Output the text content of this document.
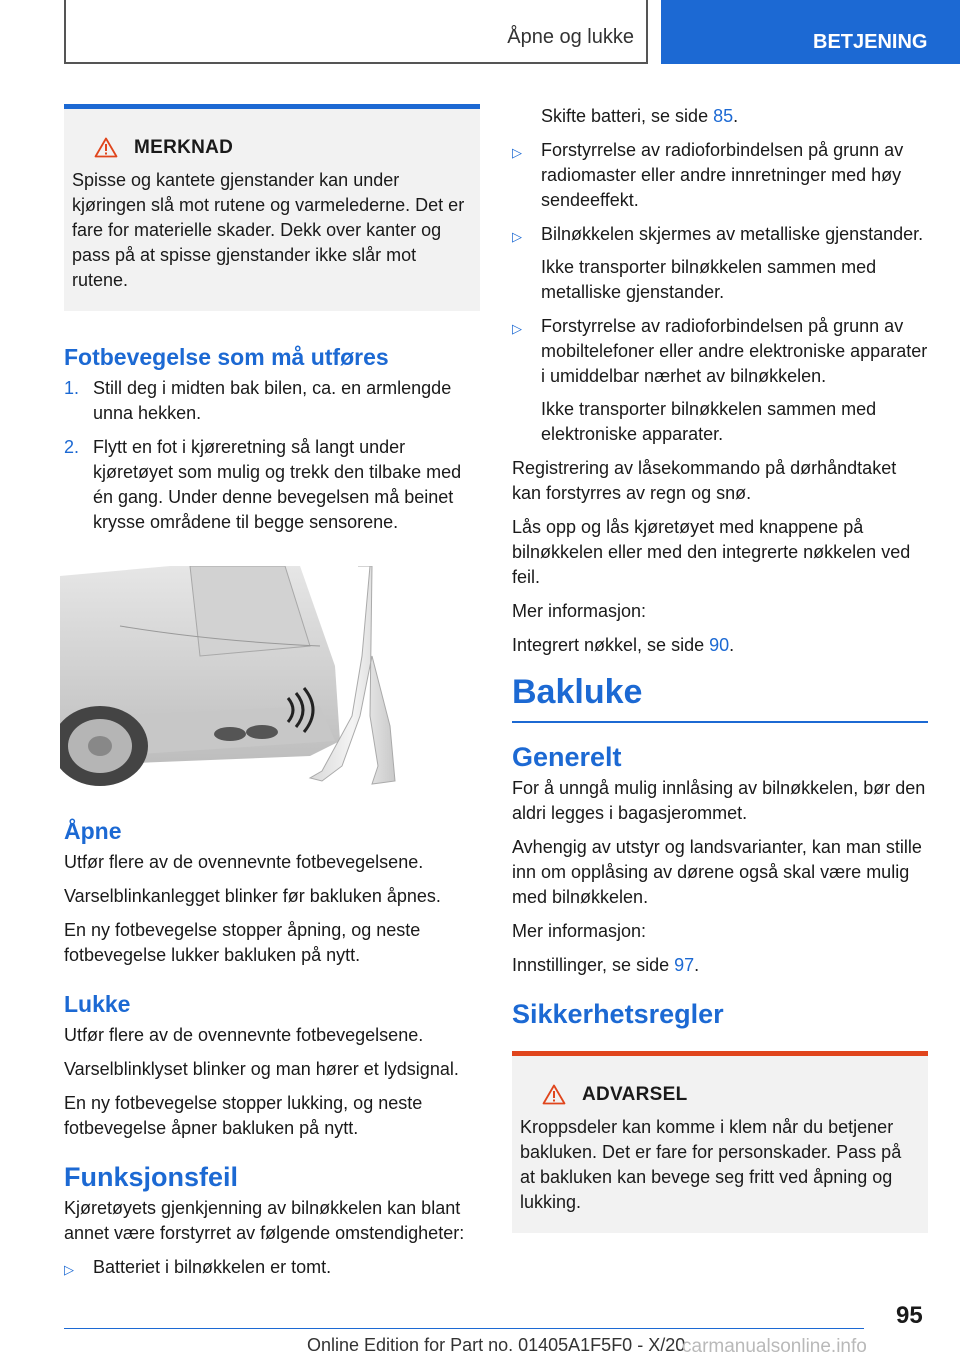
Åpne og lukke	BETJENING
MERKNAD

Spisse og kantete gjenstander kan under kjøringen slå mot rutene og varmelederne. Det er fare for materielle skader. Dekk over kanter og pass på at spisse gjenstander ikke slår mot rutene.

Fotbevegelse som må utføres
1. Still deg i midten bak bilen, ca. en armlengde unna hekken.
2. Flytt en fot i kjøreretning så langt under kjøretøyet som mulig og trekk den tilbake med én gang. Under denne bevegelsen må beinet krysse områdene til begge sensorene.
Åpne

Utfør flere av de ovennevnte fotbevegelsene.

Varselblinkanlegget blinker før bakluken åpnes.

En ny fotbevegelse stopper åpning, og neste fotbevegelse lukker bakluken på nytt.

Lukke

Utfør flere av de ovennevnte fotbevegelsene.

Varselblinklyset blinker og man hører et lydsignal.

En ny fotbevegelse stopper lukking, og neste fotbevegelse åpner bakluken på nytt.

Funksjonsfeil

Kjøretøyets gjenkjenning av bilnøkkelen kan blant annet være forstyrret av følgende omstendigheter:

▷	Batteriet i bilnøkkelen er tomt.

Skifte batteri, se side 85.

▷	Forstyrrelse av radioforbindelsen på grunn av radiomaster eller andre innretninger med høy sendeeffekt.

▷	Bilnøkkelen skjermes av metalliske gjenstander.

Ikke transporter bilnøkkelen sammen med metalliske gjenstander.

▷	Forstyrrelse av radioforbindelsen på grunn av mobiltelefoner eller andre elektroniske apparater i umiddelbar nærhet av bilnøkkelen.

Ikke transporter bilnøkkelen sammen med elektroniske apparater.

Registrering av låsekommando på dørhåndtaket kan forstyrres av regn og snø.

Lås opp og lås kjøretøyet med knappene på bilnøkkelen eller med den integrerte nøkkelen ved feil.

Mer informasjon:

Integrert nøkkel, se side 90.

Bakluke
Generelt

For å unngå mulig innlåsing av bilnøkkelen, bør den aldri legges i bagasjerommet.

Avhengig av utstyr og landsvarianter, kan man stille inn om opplåsing av dørene også skal være mulig med bilnøkkelen.

Mer informasjon:

Innstillinger, se side 97.

Sikkerhetsregler
ADVARSEL

Kroppsdeler kan komme i klem når du betjener bakluken. Det er fare for personskader. Pass på at bakluken kan bevege seg fritt ved åpning og lukking.

95
Online Edition for Part no. 01405A1F5F0 - X/20
carmanualsonline.info
